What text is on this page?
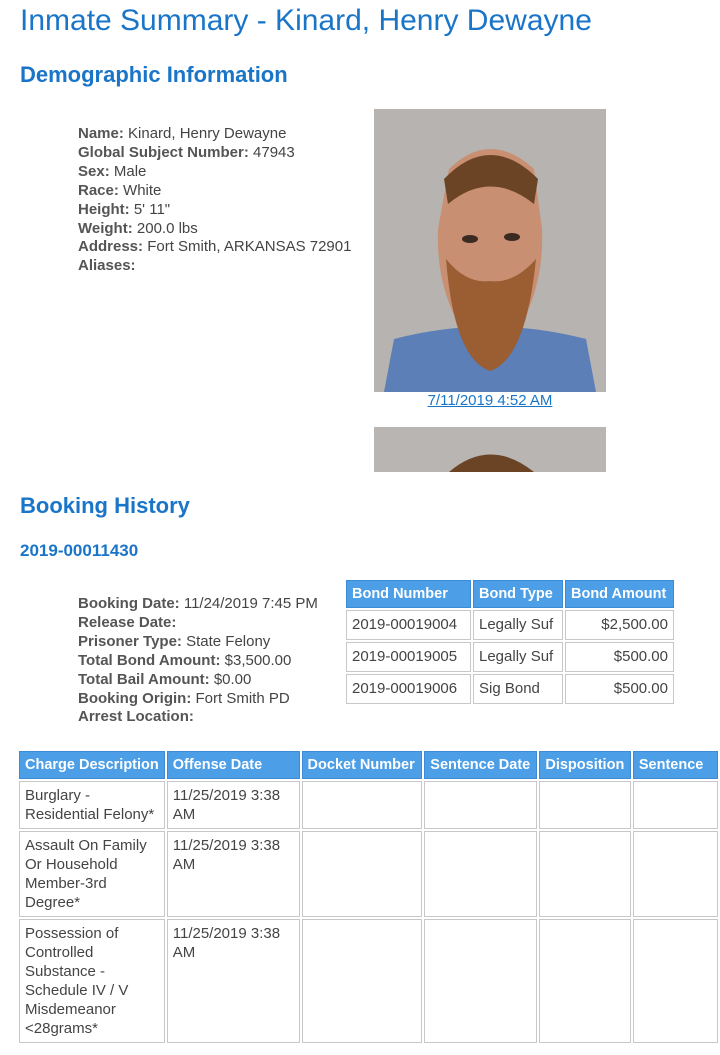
Inmate Summary - Kinard, Henry Dewayne
Demographic Information
Name: Kinard, Henry Dewayne
Global Subject Number: 47943
Sex: Male
Race: White
Height: 5' 11"
Weight: 200.0 lbs
Address: Fort Smith, ARKANSAS 72901
Aliases:
7/11/2019 4:52 AM
Booking History
2019-00011430
Booking Date: 11/24/2019 7:45 PM
Release Date:
Prisoner Type: State Felony
Total Bond Amount: $3,500.00
Total Bail Amount: $0.00
Booking Origin: Fort Smith PD
Arrest Location:
Bond Number	Bond Type	Bond Amount
2019-00019004	Legally Suf	$2,500.00
2019-00019005	Legally Suf	$500.00
2019-00019006	Sig Bond	$500.00
Charge Description	Offense Date	Docket Number	Sentence Date	Disposition	Sentence
Burglary - Residential Felony*	11/25/2019 3:38 AM				
Assault On Family Or Household Member-3rd Degree*	11/25/2019 3:38 AM				
Possession of Controlled Substance - Schedule IV / V Misdemeanor <28grams*	11/25/2019 3:38 AM				
